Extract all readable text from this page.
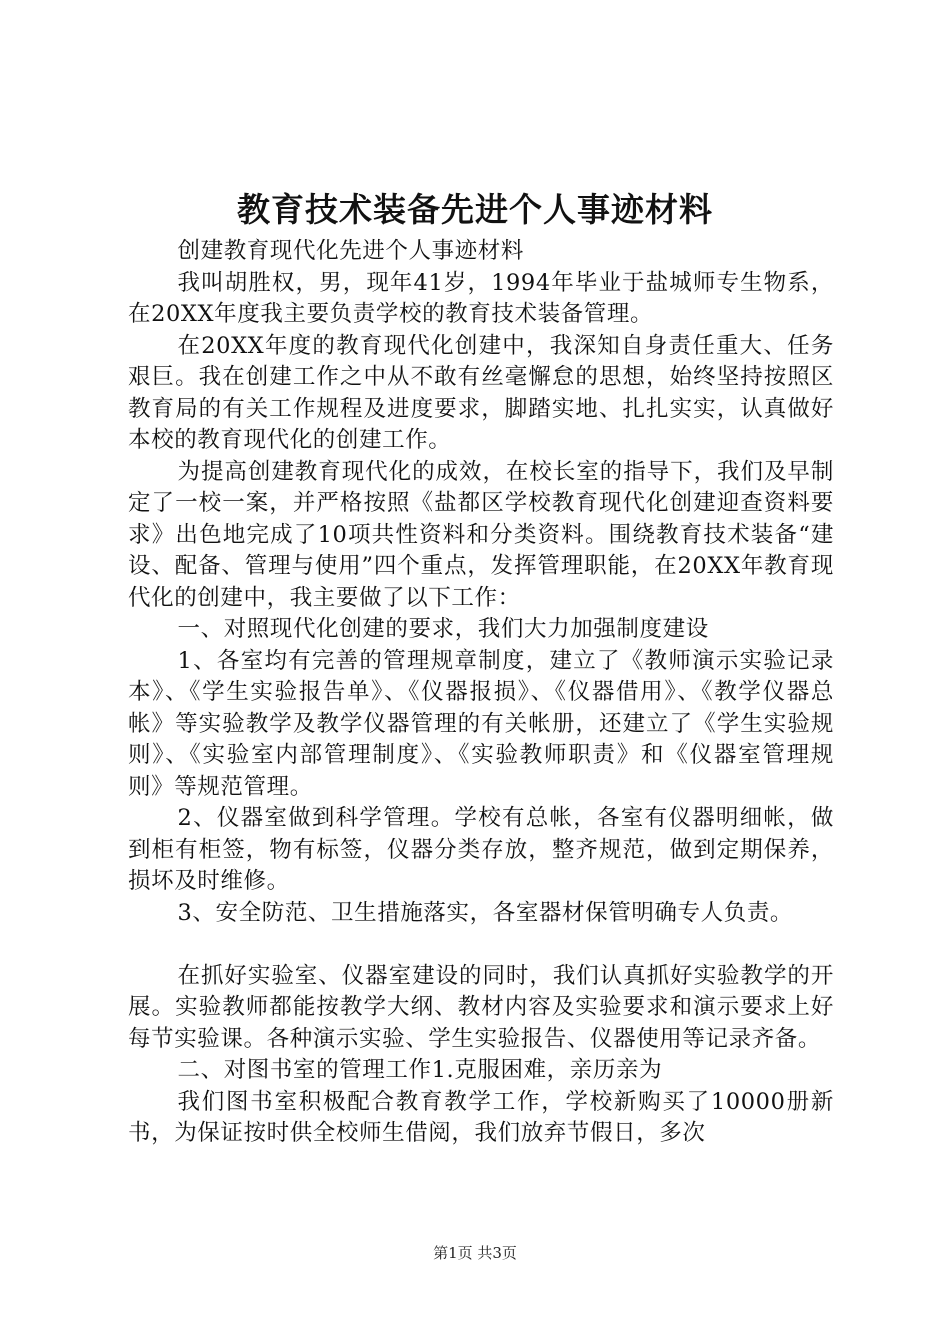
教育技术装备先进个人事迹材料

创建教育现代化先进个人事迹材料

我叫胡胜权，男，现年41岁，1994年毕业于盐城师专生物系，在20XX年度我主要负责学校的教育技术装备管理。

在20XX年度的教育现代化创建中，我深知自身责任重大、任务艰巨。我在创建工作之中从不敢有丝毫懈怠的思想，始终坚持按照区教育局的有关工作规程及进度要求，脚踏实地、扎扎实实，认真做好本校的教育现代化的创建工作。

为提高创建教育现代化的成效，在校长室的指导下，我们及早制定了一校一案，并严格按照《盐都区学校教育现代化创建迎查资料要求》出色地完成了10项共性资料和分类资料。围绕教育技术装备“建设、配备、管理与使用”四个重点，发挥管理职能，在20XX年教育现代化的创建中，我主要做了以下工作：

一、对照现代化创建的要求，我们大力加强制度建设

1、各室均有完善的管理规章制度，建立了《教师演示实验记录本》、《学生实验报告单》、《仪器报损》、《仪器借用》、《教学仪器总帐》等实验教学及教学仪器管理的有关帐册，还建立了《学生实验规则》、《实验室内部管理制度》、《实验教师职责》和《仪器室管理规则》等规范管理。

2、仪器室做到科学管理。学校有总帐，各室有仪器明细帐，做到柜有柜签，物有标签，仪器分类存放，整齐规范，做到定期保养，损坏及时维修。

3、安全防范、卫生措施落实，各室器材保管明确专人负责。

在抓好实验室、仪器室建设的同时，我们认真抓好实验教学的开展。实验教师都能按教学大纲、教材内容及实验要求和演示要求上好每节实验课。各种演示实验、学生实验报告、仪器使用等记录齐备。

二、对图书室的管理工作1.克服困难，亲历亲为

我们图书室积极配合教育教学工作，学校新购买了10000册新书，为保证按时供全校师生借阅，我们放弃节假日，多次

第1页 共3页
